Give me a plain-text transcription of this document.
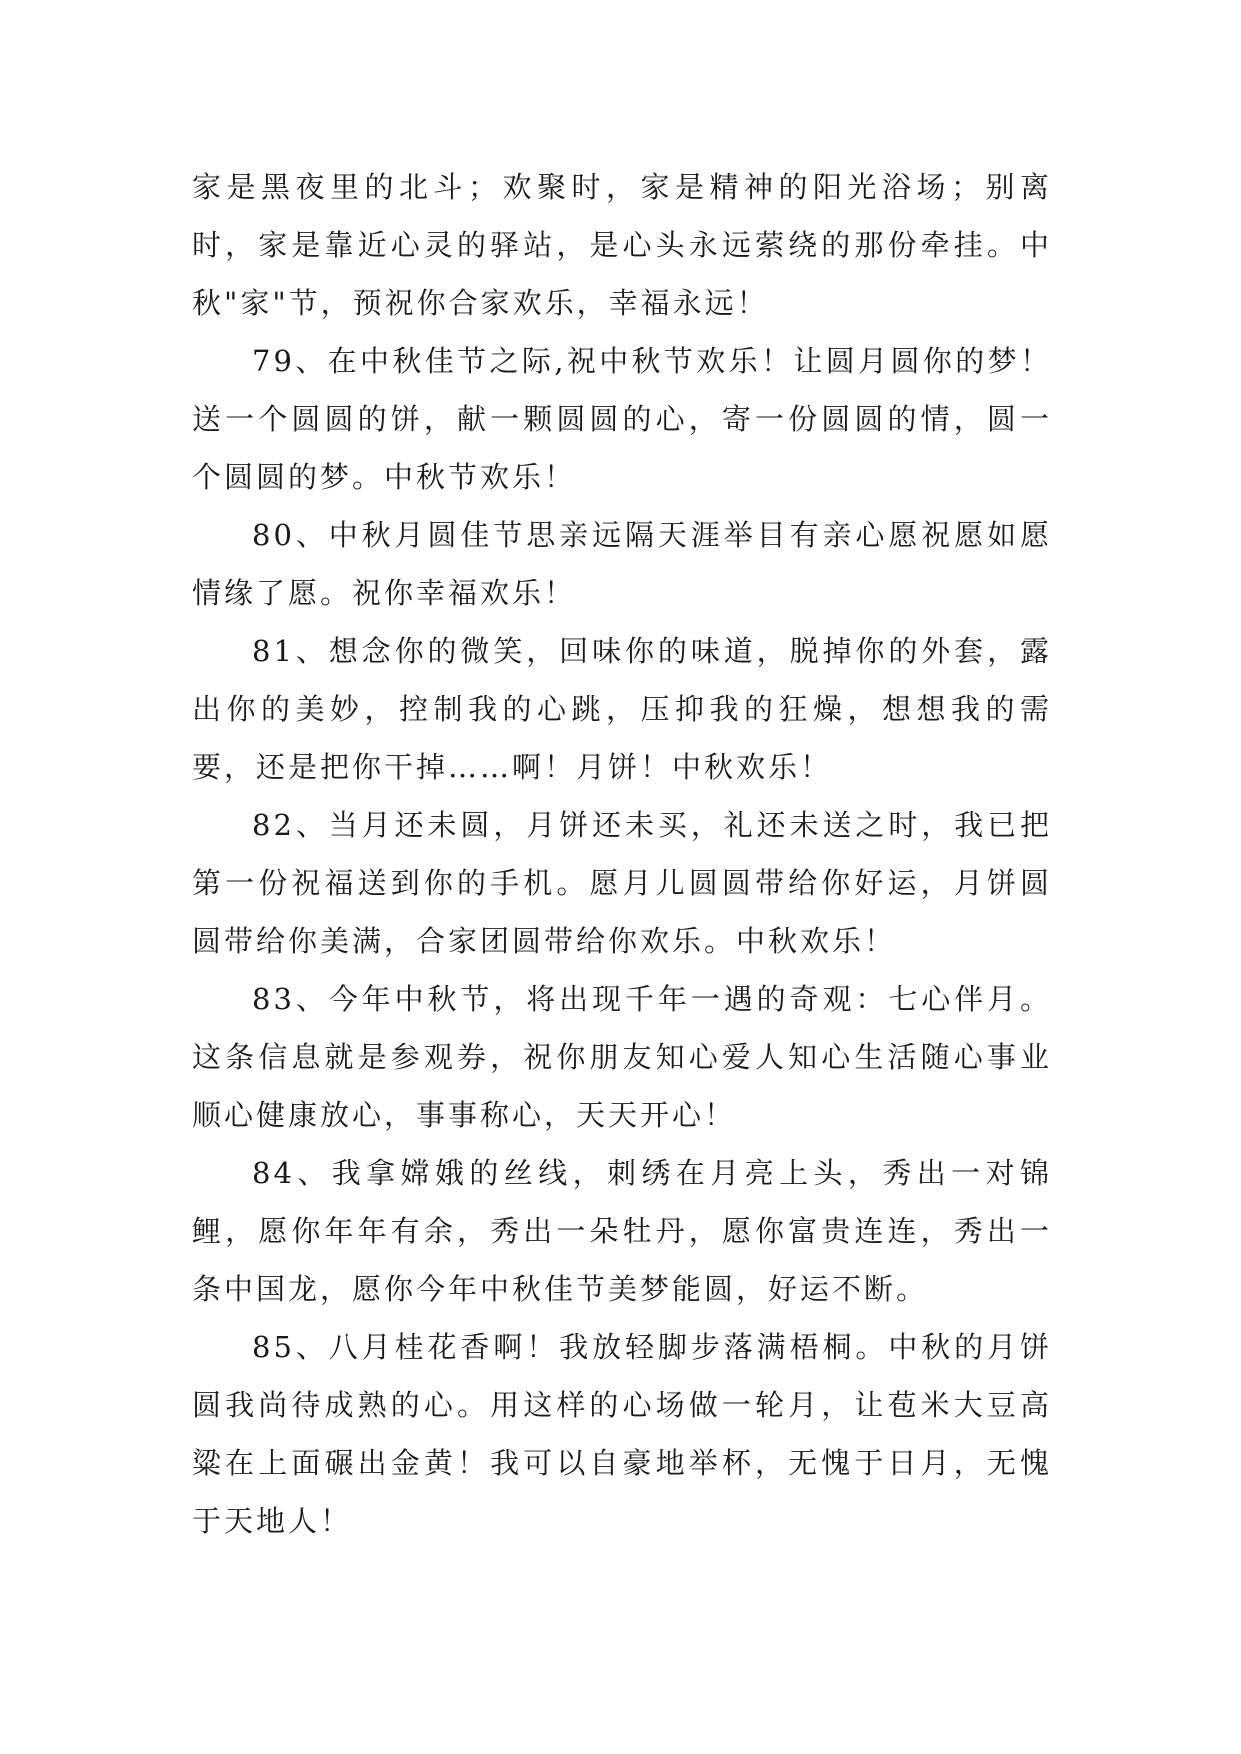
家是黑夜里的北斗；欢聚时，家是精神的阳光浴场；别离时，家是靠近心灵的驿站，是心头永远萦绕的那份牵挂。中秋"家"节，预祝你合家欢乐，幸福永远！

79、在中秋佳节之际,祝中秋节欢乐！让圆月圆你的梦！送一个圆圆的饼，献一颗圆圆的心，寄一份圆圆的情，圆一个圆圆的梦。中秋节欢乐！

80、中秋月圆佳节思亲远隔天涯举目有亲心愿祝愿如愿情缘了愿。祝你幸福欢乐！

81、想念你的微笑，回味你的味道，脱掉你的外套，露出你的美妙，控制我的心跳，压抑我的狂燥，想想我的需要，还是把你干掉……啊！月饼！中秋欢乐！

82、当月还未圆，月饼还未买，礼还未送之时，我已把第一份祝福送到你的手机。愿月儿圆圆带给你好运，月饼圆圆带给你美满，合家团圆带给你欢乐。中秋欢乐！

83、今年中秋节，将出现千年一遇的奇观：七心伴月。这条信息就是参观券，祝你朋友知心爱人知心生活随心事业顺心健康放心，事事称心，天天开心！

84、我拿嫦娥的丝线，刺绣在月亮上头，秀出一对锦鲤，愿你年年有余，秀出一朵牡丹，愿你富贵连连，秀出一条中国龙，愿你今年中秋佳节美梦能圆，好运不断。

85、八月桂花香啊！我放轻脚步落满梧桐。中秋的月饼圆我尚待成熟的心。用这样的心场做一轮月，让苞米大豆高粱在上面碾出金黄！我可以自豪地举杯，无愧于日月，无愧于天地人！
